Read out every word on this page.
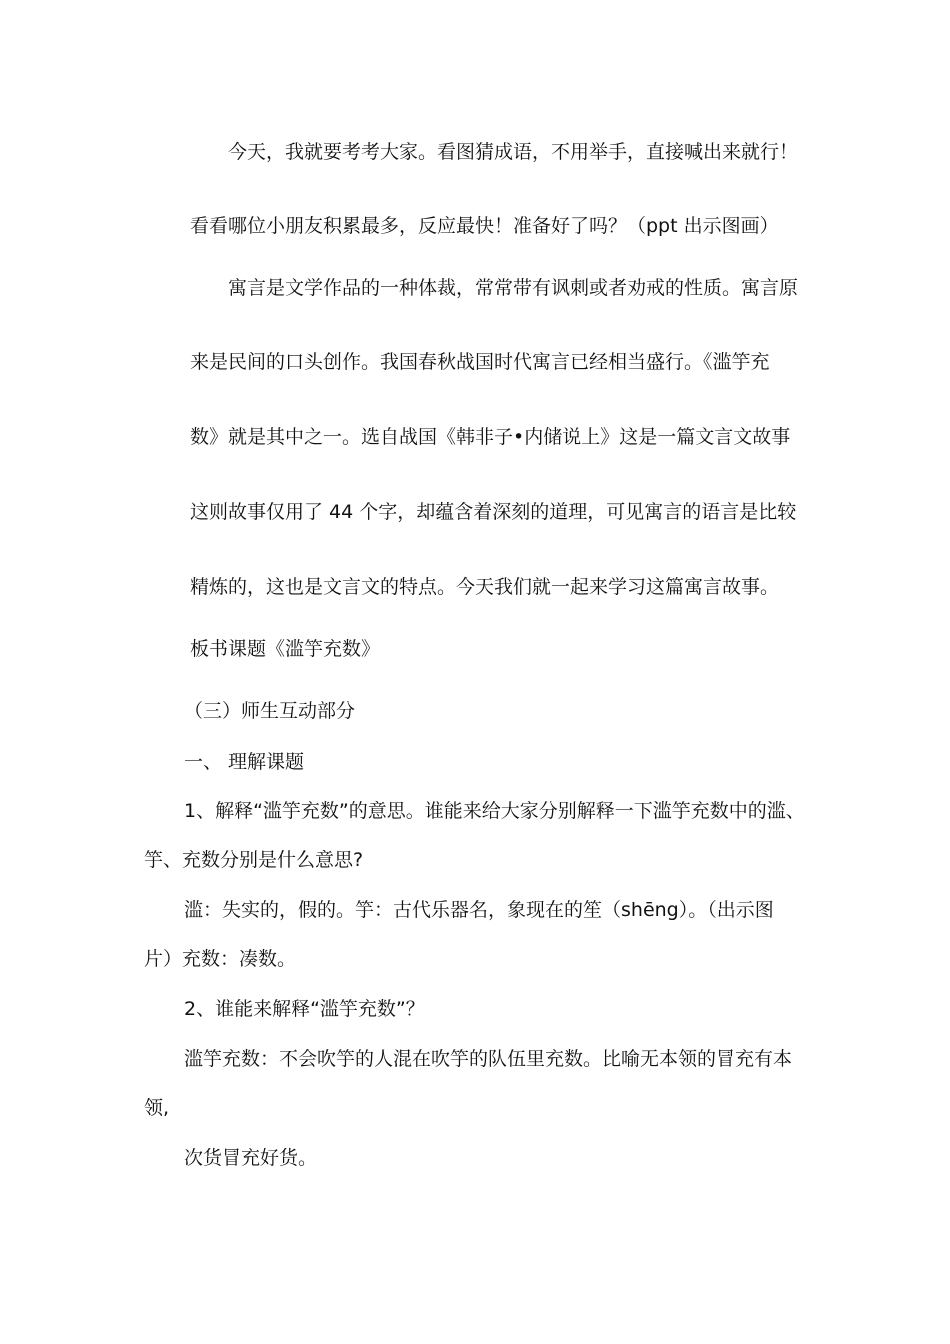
今天，我就要考考大家。看图猜成语，不用举手，直接喊出来就行！
看看哪位小朋友积累最多，反应最快！准备好了吗？（ppt 出示图画）
寓言是文学作品的一种体裁，常常带有讽刺或者劝戒的性质。寓言原
来是民间的口头创作。我国春秋战国时代寓言已经相当盛行。《滥竽充
数》就是其中之一。选自战国《韩非子•内储说上》这是一篇文言文故事
这则故事仅用了 44 个字，却蕴含着深刻的道理，可见寓言的语言是比较
精炼的，这也是文言文的特点。今天我们就一起来学习这篇寓言故事。
板书课题《滥竽充数》
（三）师生互动部分
一、 理解课题
1、解释“滥竽充数”的意思。谁能来给大家分别解释一下滥竽充数中的滥、
竽、充数分别是什么意思?
滥：失实的，假的。竽：古代乐器名，象现在的笙（shēng）。（出示图
片）充数：凑数。
2、谁能来解释“滥竽充数”？
滥竽充数：不会吹竽的人混在吹竽的队伍里充数。比喻无本领的冒充有本
领,
次货冒充好货。
